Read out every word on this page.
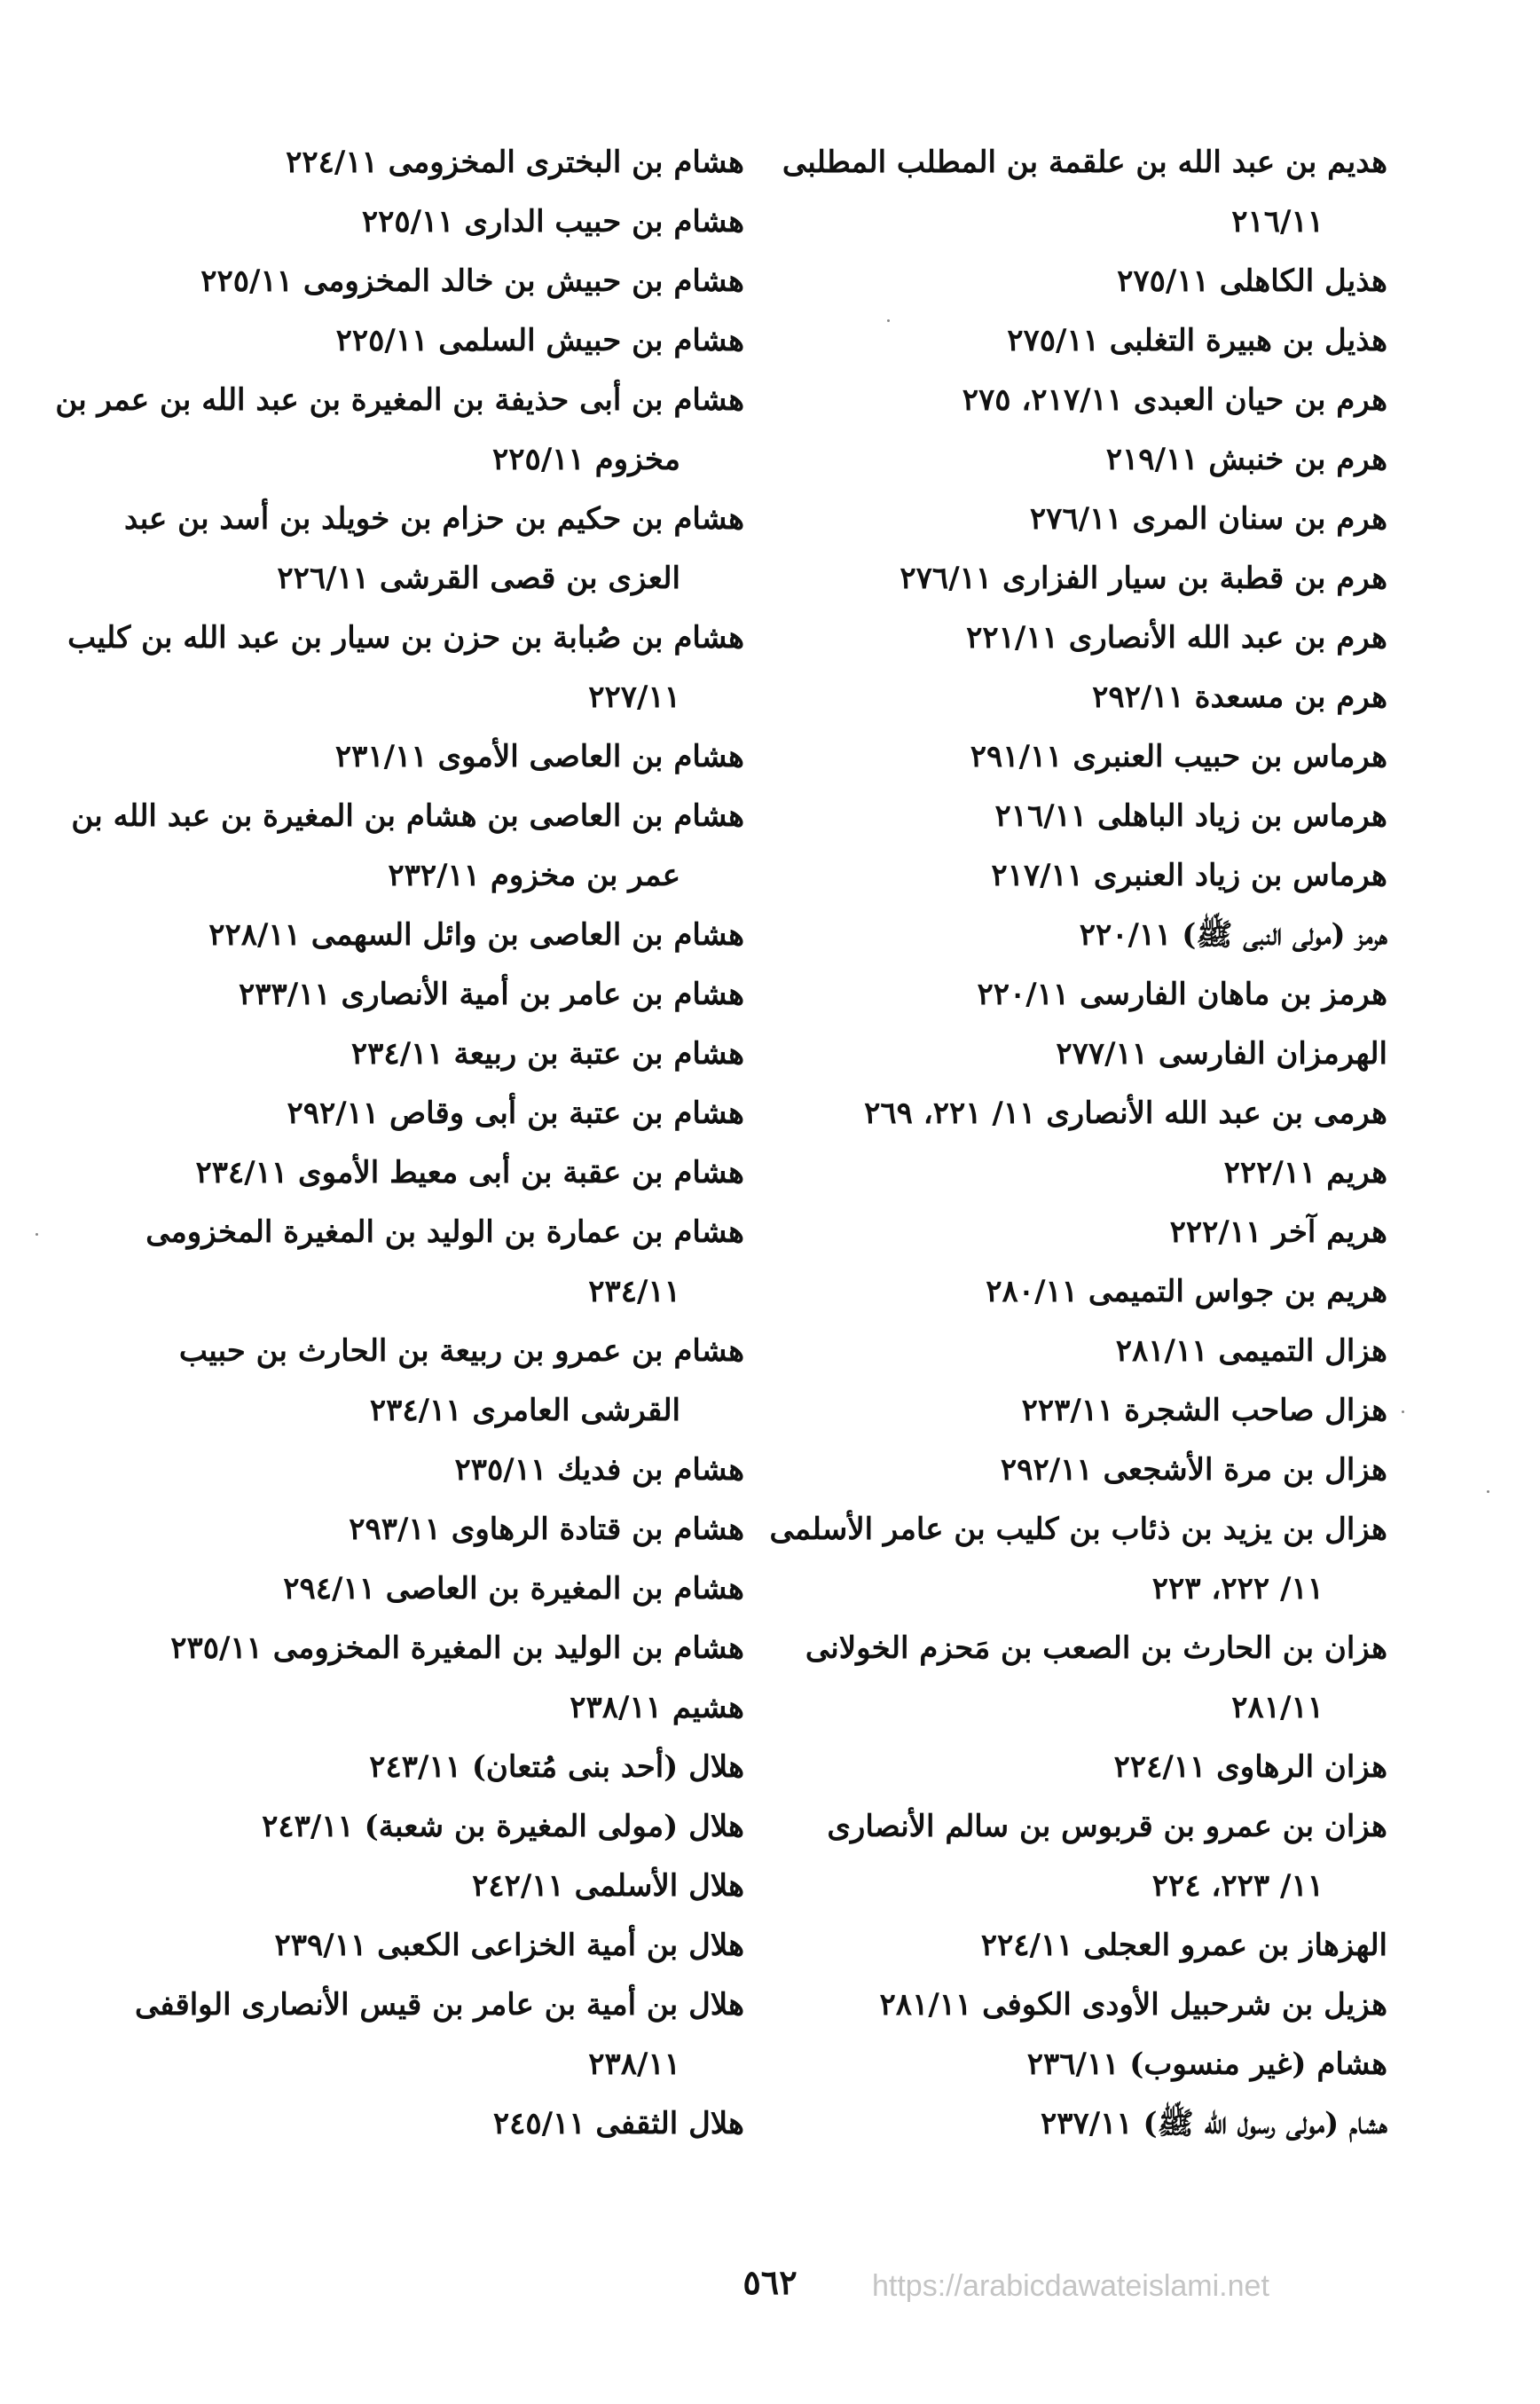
هديم بن عبد الله بن علقمة بن المطلب المطلبى
٢١٦/١١
هذيل الكاهلى ٢٧٥/١١
هذيل بن هبيرة التغلبى ٢٧٥/١١
هرم بن حيان العبدى ٢١٧/١١، ٢٧٥
هرم بن خنبش ٢١٩/١١
هرم بن سنان المرى ٢٧٦/١١
هرم بن قطبة بن سيار الفزارى ٢٧٦/١١
هرم بن عبد الله الأنصارى ٢٢١/١١
هرم بن مسعدة ٢٩٢/١١
هرماس بن حبيب العنبرى ٢٩١/١١
هرماس بن زياد الباهلى ٢١٦/١١
هرماس بن زياد العنبرى ٢١٧/١١
هرمز (مولى النبى ﷺ) ٢٢٠/١١
هرمز بن ماهان الفارسى ٢٢٠/١١
الهرمزان الفارسى ٢٧٧/١١
هرمى بن عبد الله الأنصارى ١١/ ٢٢١، ٢٦٩
هريم ٢٢٢/١١
هريم آخر ٢٢٢/١١
هريم بن جواس التميمى ٢٨٠/١١
هزال التميمى ٢٨١/١١
هزال صاحب الشجرة ٢٢٣/١١
هزال بن مرة الأشجعى ٢٩٢/١١
هزال بن يزيد بن ذئاب بن كليب بن عامر الأسلمى
١١/ ٢٢٢، ٢٢٣
هزان بن الحارث بن الصعب بن مَحزم الخولانى
٢٨١/١١
هزان الرهاوى ٢٢٤/١١
هزان بن عمرو بن قربوس بن سالم الأنصارى
١١/ ٢٢٣، ٢٢٤
الهزهاز بن عمرو العجلى ٢٢٤/١١
هزيل بن شرحبيل الأودى الكوفى ٢٨١/١١
هشام (غير منسوب) ٢٣٦/١١
هشام (مولى رسول الله ﷺ) ٢٣٧/١١
هشام بن البخترى المخزومى ٢٢٤/١١
هشام بن حبيب الدارى ٢٢٥/١١
هشام بن حبيش بن خالد المخزومى ٢٢٥/١١
هشام بن حبيش السلمى ٢٢٥/١١
هشام بن أبى حذيفة بن المغيرة بن عبد الله بن عمر بن
مخزوم ٢٢٥/١١
هشام بن حكيم بن حزام بن خويلد بن أسد بن عبد
العزى بن قصى القرشى ٢٢٦/١١
هشام بن صُبابة بن حزن بن سيار بن عبد الله بن كليب
٢٢٧/١١
هشام بن العاصى الأموى ٢٣١/١١
هشام بن العاصى بن هشام بن المغيرة بن عبد الله بن
عمر بن مخزوم ٢٣٢/١١
هشام بن العاصى بن وائل السهمى ٢٢٨/١١
هشام بن عامر بن أمية الأنصارى ٢٣٣/١١
هشام بن عتبة بن ربيعة ٢٣٤/١١
هشام بن عتبة بن أبى وقاص ٢٩٢/١١
هشام بن عقبة بن أبى معيط الأموى ٢٣٤/١١
هشام بن عمارة بن الوليد بن المغيرة المخزومى
٢٣٤/١١
هشام بن عمرو بن ربيعة بن الحارث بن حبيب
القرشى العامرى ٢٣٤/١١
هشام بن فديك ٢٣٥/١١
هشام بن قتادة الرهاوى ٢٩٣/١١
هشام بن المغيرة بن العاصى ٢٩٤/١١
هشام بن الوليد بن المغيرة المخزومى ٢٣٥/١١
هشيم ٢٣٨/١١
هلال (أحد بنى مُتعان) ٢٤٣/١١
هلال (مولى المغيرة بن شعبة) ٢٤٣/١١
هلال الأسلمى ٢٤٢/١١
هلال بن أمية الخزاعى الكعبى ٢٣٩/١١
هلال بن أمية بن عامر بن قيس الأنصارى الواقفى
٢٣٨/١١
هلال الثقفى ٢٤٥/١١
٥٦٢	https://arabicdawateislami.net
